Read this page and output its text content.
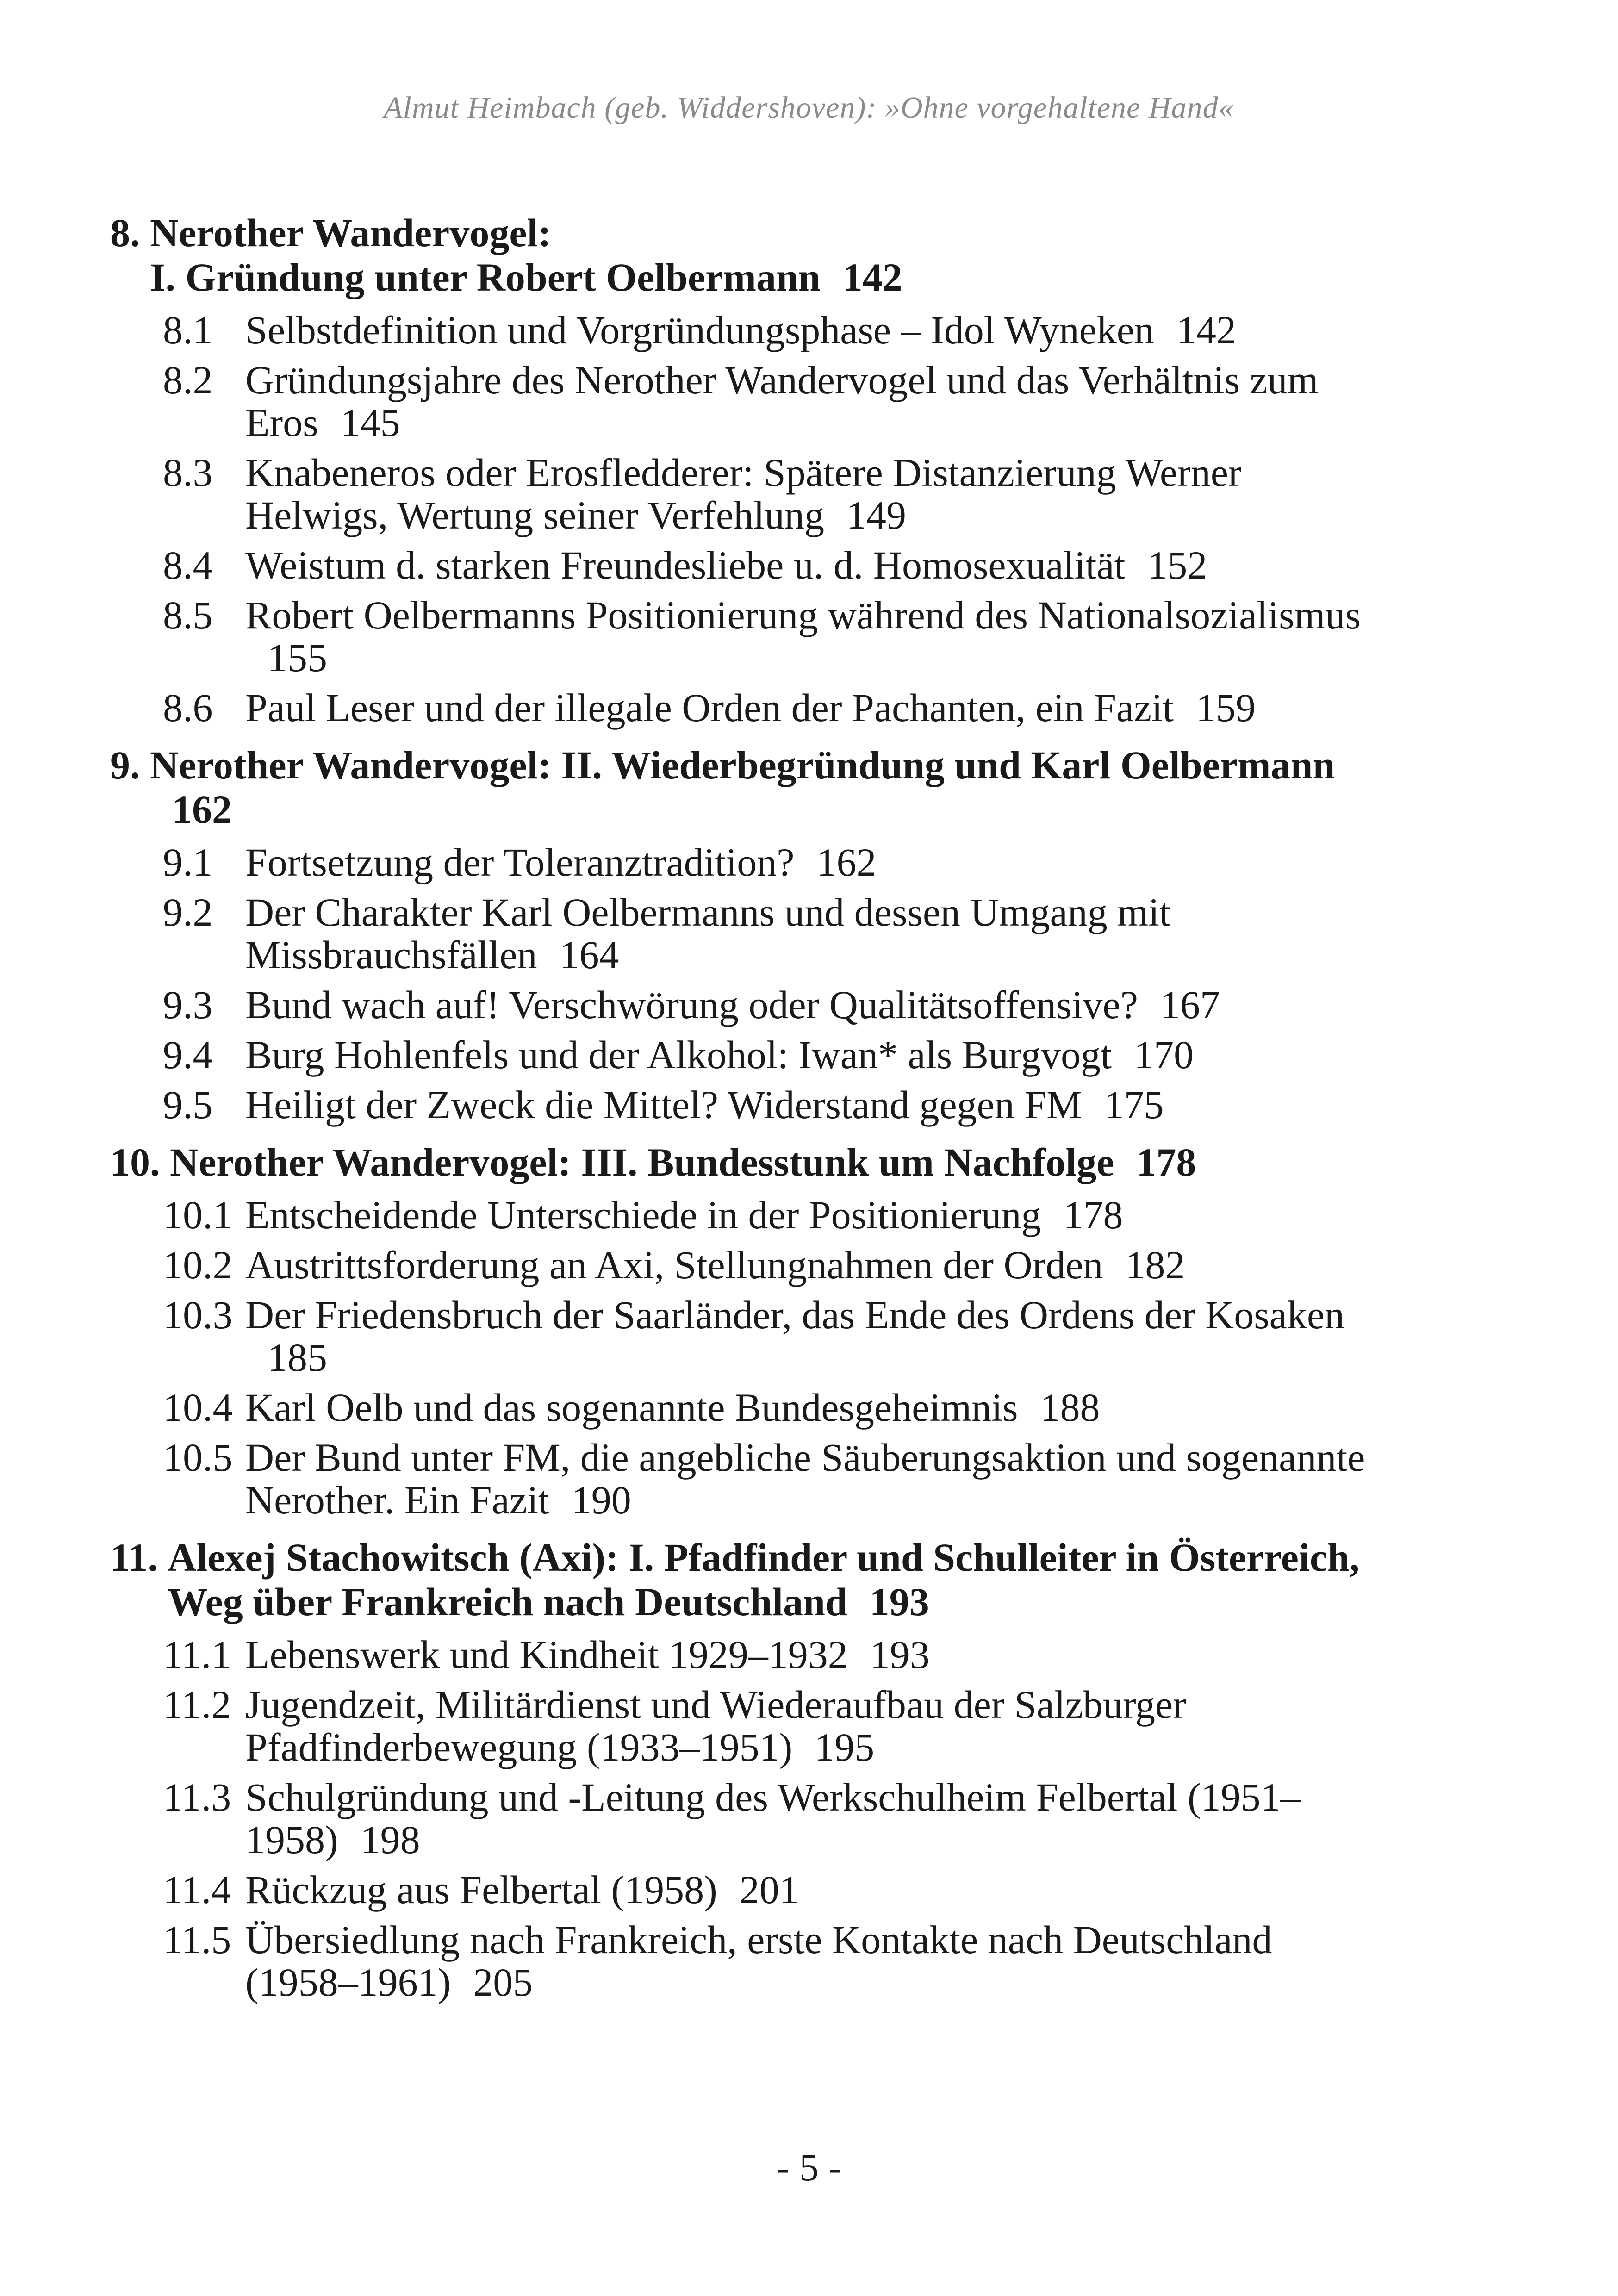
Almut Heimbach (geb. Widdershoven): »Ohne vorgehaltene Hand«
8. Nerother Wandervogel:
I. Gründung unter Robert Oelbermann 142
8.1 Selbstdefinition und Vorgründungsphase – Idol Wyneken 142
8.2 Gründungsjahre des Nerother Wandervogel und das Verhältnis zum Eros 145
8.3 Knabeneros oder Erosfledderer: Spätere Distanzierung Werner Helwigs, Wertung seiner Verfehlung 149
8.4 Weistum d. starken Freundesliebe u. d. Homosexualität 152
8.5 Robert Oelbermanns Positionierung während des Nationalsozialismus155
8.6 Paul Leser und der illegale Orden der Pachanten, ein Fazit 159
9. Nerother Wandervogel: II. Wiederbegründung und Karl Oelbermann162
9.1 Fortsetzung der Toleranztradition? 162
9.2 Der Charakter Karl Oelbermanns und dessen Umgang mit Missbrauchsfällen 164
9.3 Bund wach auf! Verschwörung oder Qualitätsoffensive? 167
9.4 Burg Hohlenfels und der Alkohol: Iwan* als Burgvogt 170
9.5 Heiligt der Zweck die Mittel? Widerstand gegen FM 175
10. Nerother Wandervogel: III. Bundesstunk um Nachfolge 178
10.1 Entscheidende Unterschiede in der Positionierung 178
10.2 Austrittsforderung an Axi, Stellungnahmen der Orden 182
10.3 Der Friedensbruch der Saarländer, das Ende des Ordens der Kosaken185
10.4 Karl Oelb und das sogenannte Bundesgeheimnis 188
10.5 Der Bund unter FM, die angebliche Säuberungsaktion und sogenannte Nerother. Ein Fazit 190
11. Alexej Stachowitsch (Axi): I. Pfadfinder und Schulleiter in Österreich, Weg über Frankreich nach Deutschland 193
11.1 Lebenswerk und Kindheit 1929–1932 193
11.2 Jugendzeit, Militärdienst und Wiederaufbau der Salzburger Pfadfinderbewegung (1933–1951) 195
11.3 Schulgründung und -Leitung des Werkschulheim Felbertal (1951–1958) 198
11.4 Rückzug aus Felbertal (1958) 201
11.5 Übersiedlung nach Frankreich, erste Kontakte nach Deutschland (1958–1961) 205
- 5 -
